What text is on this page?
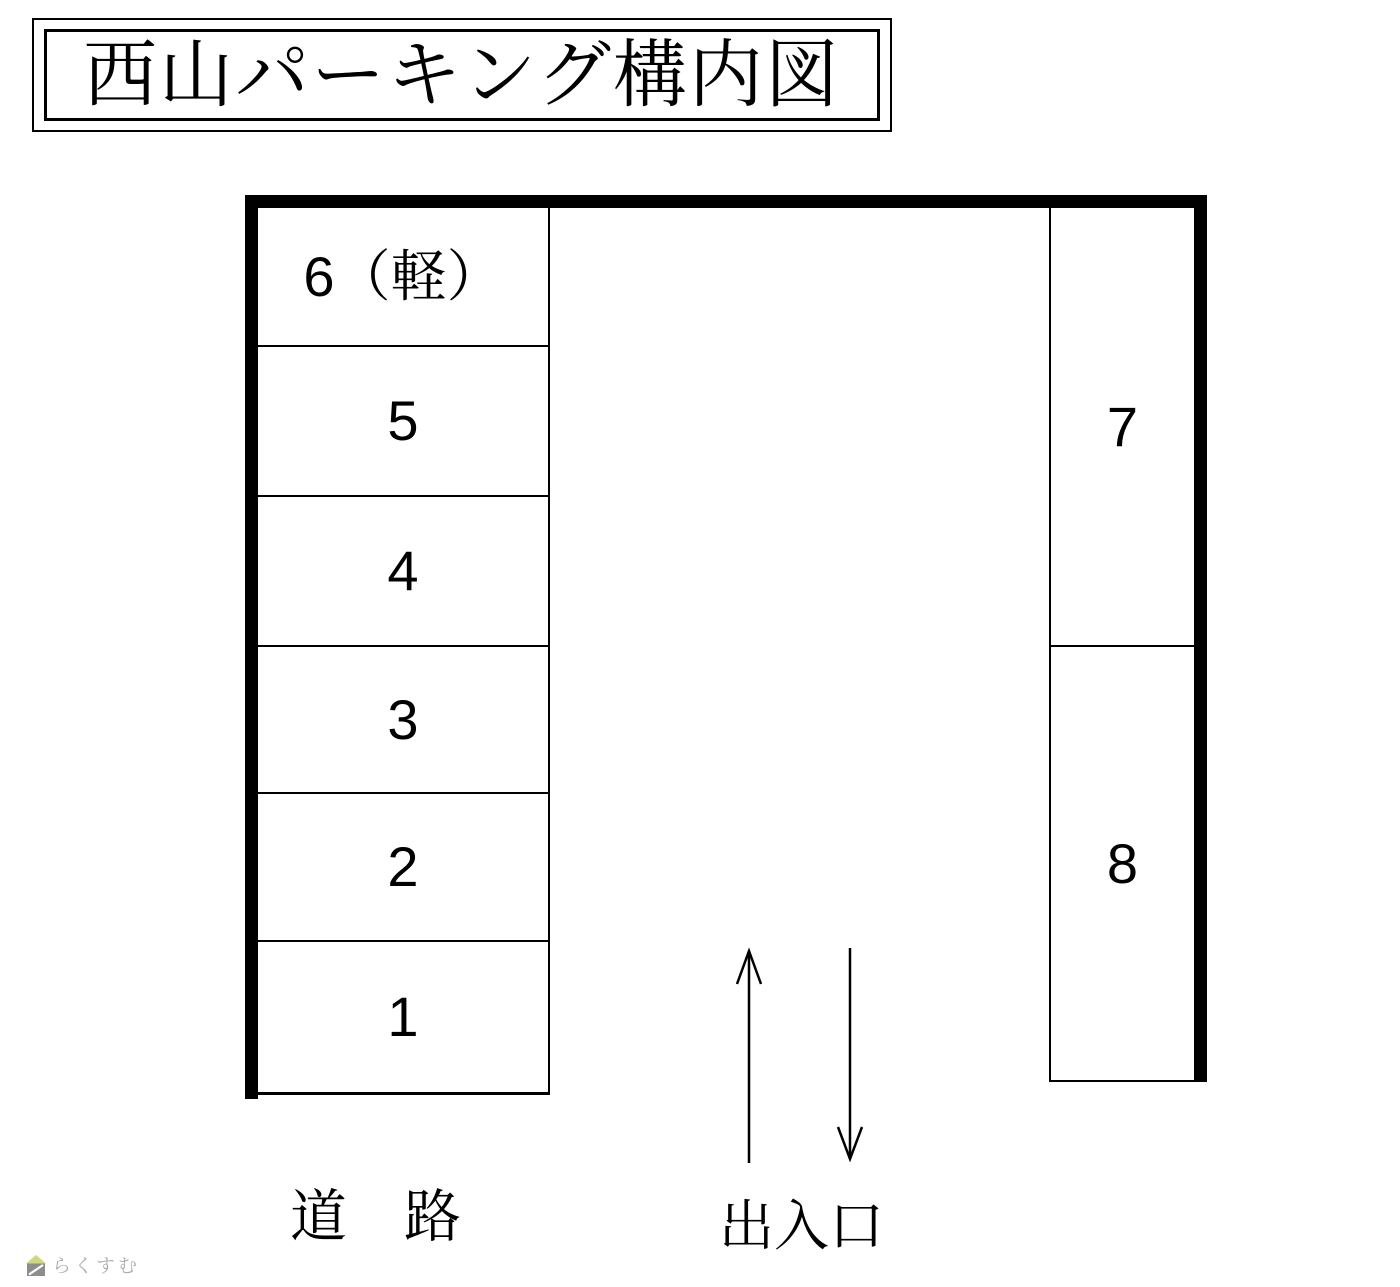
西山パーキング構内図
6（軽）
5
4
3
2
1
7
8
道　路	出入口
らくすむ
